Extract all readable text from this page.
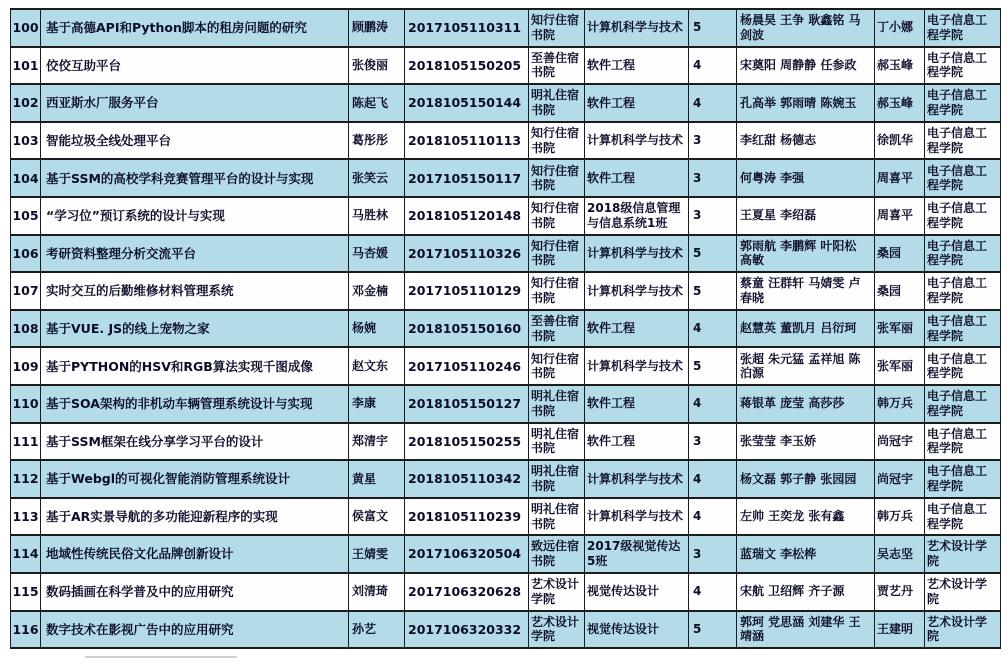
100	基于高德API和Python脚本的租房问题的研究	顾鹏涛	2017105110311	知行住宿书院	计算机科学与技术	5	杨晨昊 王争 耿鑫铭 马剑波	丁小娜	电子信息工程学院
101	佼佼互助平台	张俊丽	2018105150205	至善住宿书院	软件工程	4	宋奠阳 周静静 任参政	郝玉峰	电子信息工程学院
102	西亚斯水厂服务平台	陈起飞	2018105150144	明礼住宿书院	软件工程	4	孔高举 郭雨晴 陈婉玉	郝玉峰	电子信息工程学院
103	智能垃圾全线处理平台	葛彤彤	2018105110113	知行住宿书院	计算机科学与技术	3	李红甜 杨德志	徐凯华	电子信息工程学院
104	基于SSM的高校学科竞赛管理平台的设计与实现	张笑云	2017105150117	知行住宿书院	软件工程	3	何粤涛 李强	周喜平	电子信息工程学院
105	“学习位”预订系统的设计与实现	马胜林	2018105120148	知行住宿书院	2018级信息管理与信息系统1班	3	王夏星 李绍磊	周喜平	电子信息工程学院
106	考研资料整理分析交流平台	马杏媛	2017105110326	知行住宿书院	计算机科学与技术	5	郭雨航 李鹏辉 叶阳松 高敏	桑园	电子信息工程学院
107	实时交互的后勤维修材料管理系统	邓金楠	2017105110129	知行住宿书院	计算机科学与技术	5	蔡童 汪群轩 马婧雯 卢春晓	桑园	电子信息工程学院
108	基于VUE. JS的线上宠物之家	杨婉	2018105150160	至善住宿书院	软件工程	4	赵慧英 董凯月 吕衍珂	张军丽	电子信息工程学院
109	基于PYTHON的HSV和RGB算法实现千图成像	赵文东	2017105110246	知行住宿书院	计算机科学与技术	5	张超 朱元猛 孟祥旭 陈泊源	张军丽	电子信息工程学院
110	基于SOA架构的非机动车辆管理系统设计与实现	李康	2018105150127	明礼住宿书院	软件工程	4	蒋银革 庞莹 高莎莎	韩万兵	电子信息工程学院
111	基于SSM框架在线分享学习平台的设计	郑清宇	2018105150255	明礼住宿书院	软件工程	3	张莹莹 李玉娇	尚冠宇	电子信息工程学院
112	基于Webgl的可视化智能消防管理系统设计	黄星	2018105110342	明礼住宿书院	计算机科学与技术	4	杨文磊 郭子静 张园园	尚冠宇	电子信息工程学院
113	基于AR实景导航的多功能迎新程序的实现	侯富文	2018105110239	明礼住宿书院	计算机科学与技术	4	左帅 王奕龙 张有鑫	韩万兵	电子信息工程学院
114	地域性传统民俗文化品牌创新设计	王婧雯	2017106320504	致远住宿书院	2017级视觉传达5班	3	蓝瑞文 李松桦	吴志坚	艺术设计学院
115	数码插画在科学普及中的应用研究	刘清琦	2017106320628	艺术设计学院	视觉传达设计	4	宋航 卫绍辉 齐子源	贾艺丹	艺术设计学院
116	数字技术在影视广告中的应用研究	孙艺	2017106320332	艺术设计学院	视觉传达设计	5	郭珂 党思涵 刘建华 王靖涵	王建明	艺术设计学院
